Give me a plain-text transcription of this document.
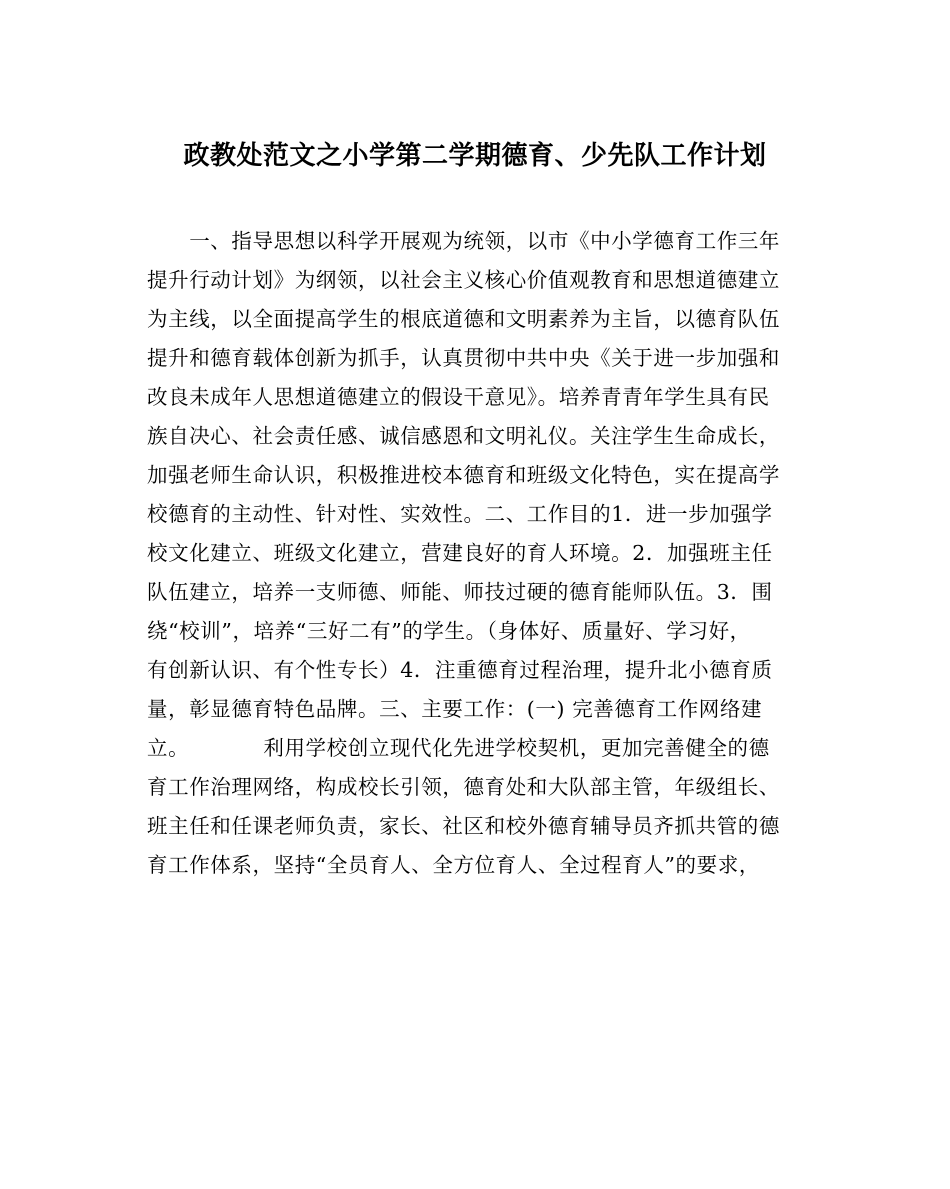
政教处范文之小学第二学期德育、少先队工作计划
　　一、指导思想以科学开展观为统领，以市《中小学德育工作三年
提升行动计划》为纲领，以社会主义核心价值观教育和思想道德建立
为主线，以全面提高学生的根底道德和文明素养为主旨，以德育队伍
提升和德育载体创新为抓手，认真贯彻中共中央《关于进一步加强和
改良未成年人思想道德建立的假设干意见》。培养青青年学生具有民
族自决心、社会责任感、诚信感恩和文明礼仪。关注学生生命成长，
加强老师生命认识，积极推进校本德育和班级文化特色，实在提高学
校德育的主动性、针对性、实效性。二、工作目的1．进一步加强学
校文化建立、班级文化建立，营建良好的育人环境。2．加强班主任
队伍建立，培养一支师德、师能、师技过硬的德育能师队伍。3．围
绕“校训”，培养“三好二有”的学生。（身体好、质量好、学习好，
有创新认识、有个性专长）4．注重德育过程治理，提升北小德育质
量，彰显德育特色品牌。三、主要工作：(一) 完善德育工作网络建
立。　　　　利用学校创立现代化先进学校契机，更加完善健全的德
育工作治理网络，构成校长引领，德育处和大队部主管，年级组长、
班主任和任课老师负责，家长、社区和校外德育辅导员齐抓共管的德
育工作体系，坚持“全员育人、全方位育人、全过程育人”的要求，
